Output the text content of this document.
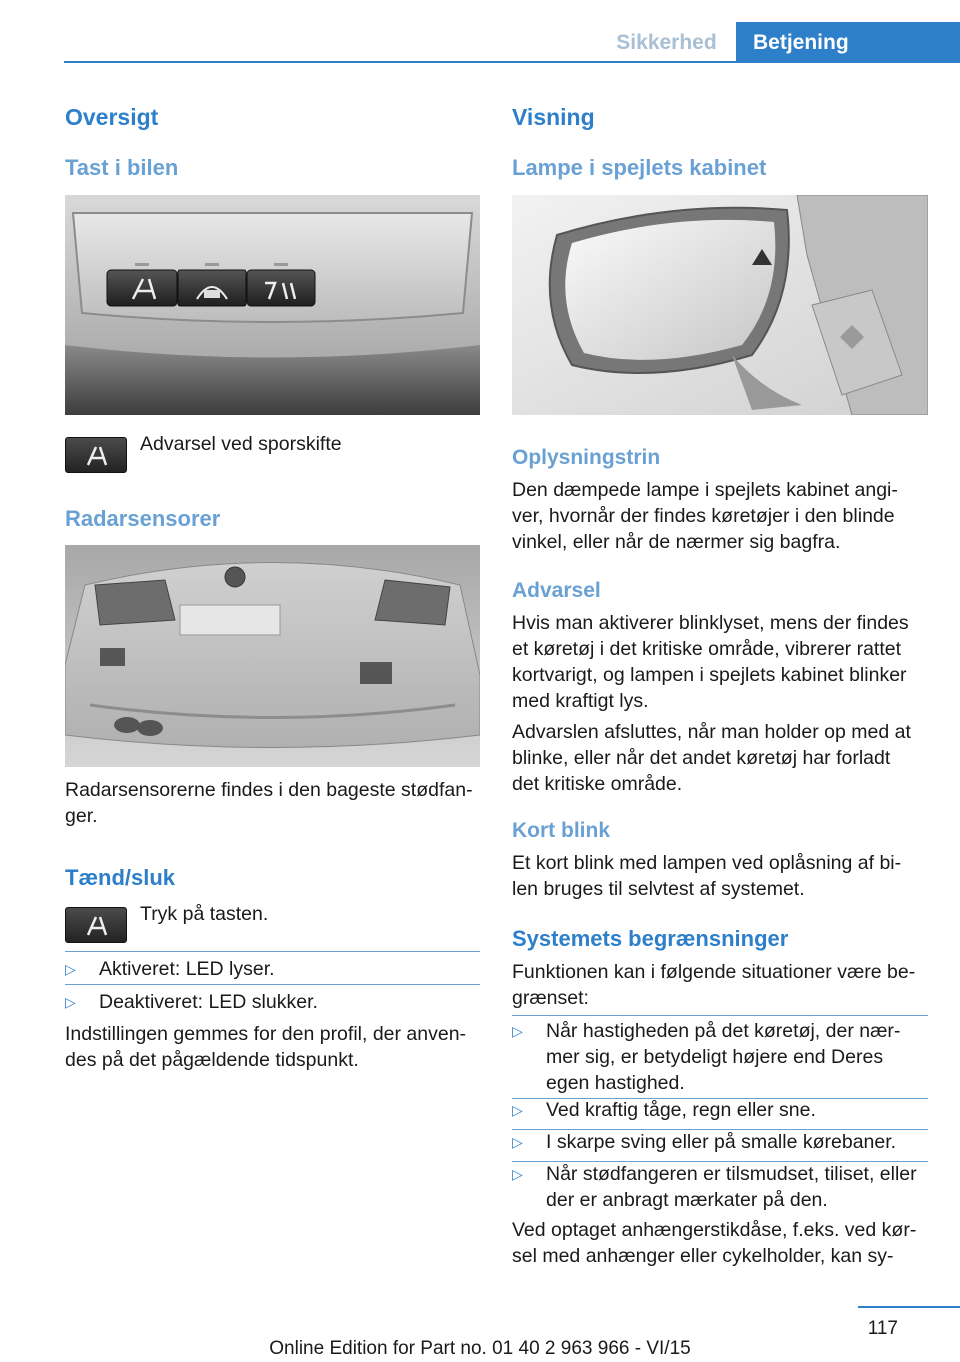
Sikkerhed	Betjening
Oversigt
Tast i bilen
Advarsel ved sporskifte
Radarsensorer
Radarsensorerne findes i den bageste stødfan-
ger.
Tænd/sluk
Tryk på tasten.
▷ Aktiveret: LED lyser.
▷ Deaktiveret: LED slukker.
Indstillingen gemmes for den profil, der anven-
des på det pågældende tidspunkt.
Visning
Lampe i spejlets kabinet
Oplysningstrin
Den dæmpede lampe i spejlets kabinet angi-
ver, hvornår der findes køretøjer i den blinde
vinkel, eller når de nærmer sig bagfra.
Advarsel
Hvis man aktiverer blinklyset, mens der findes
et køretøj i det kritiske område, vibrerer rattet
kortvarigt, og lampen i spejlets kabinet blinker
med kraftigt lys.
Advarslen afsluttes, når man holder op med at
blinke, eller når det andet køretøj har forladt
det kritiske område.
Kort blink
Et kort blink med lampen ved oplåsning af bi-
len bruges til selvtest af systemet.
Systemets begrænsninger
Funktionen kan i følgende situationer være be-
grænset:
▷ Når hastigheden på det køretøj, der nær-
mer sig, er betydeligt højere end Deres
egen hastighed.
▷ Ved kraftig tåge, regn eller sne.
▷ I skarpe sving eller på smalle kørebaner.
▷ Når stødfangeren er tilsmudset, tiliset, eller
der er anbragt mærkater på den.
Ved optaget anhængerstikdåse, f.eks. ved kør-
sel med anhænger eller cykelholder, kan sy-
117
Online Edition for Part no. 01 40 2 963 966 - VI/15
